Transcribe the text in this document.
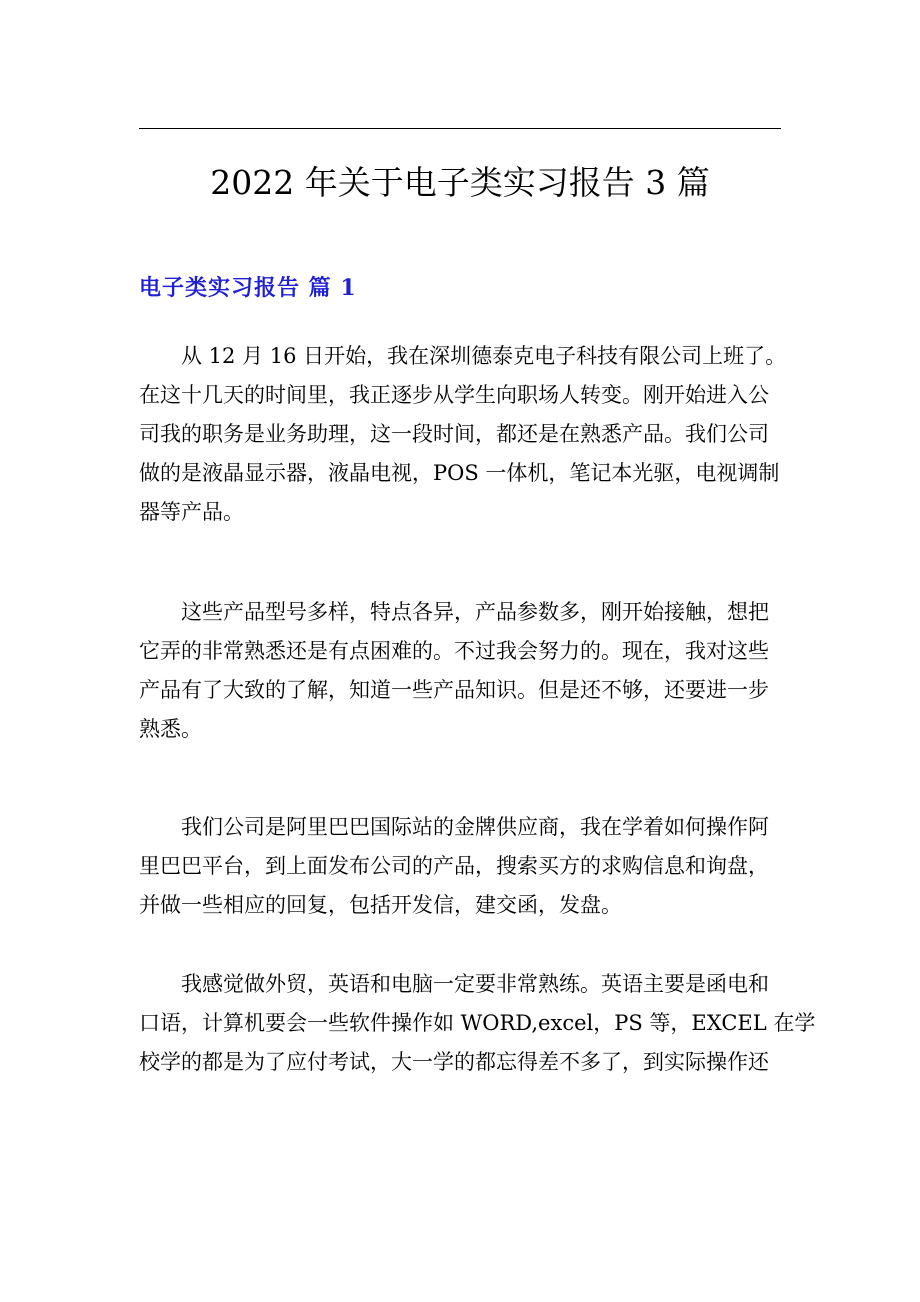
2022 年关于电子类实习报告 3 篇
电子类实习报告 篇 1
　　从 12 月 16 日开始，我在深圳德泰克电子科技有限公司上班了。
在这十几天的时间里，我正逐步从学生向职场人转变。刚开始进入公
司我的职务是业务助理，这一段时间，都还是在熟悉产品。我们公司
做的是液晶显示器，液晶电视，POS 一体机，笔记本光驱，电视调制
器等产品。
　　这些产品型号多样，特点各异，产品参数多，刚开始接触，想把
它弄的非常熟悉还是有点困难的。不过我会努力的。现在，我对这些
产品有了大致的了解，知道一些产品知识。但是还不够，还要进一步
熟悉。
　　我们公司是阿里巴巴国际站的金牌供应商，我在学着如何操作阿
里巴巴平台，到上面发布公司的产品，搜索买方的求购信息和询盘，
并做一些相应的回复，包括开发信，建交函，发盘。
　　我感觉做外贸，英语和电脑一定要非常熟练。英语主要是函电和
口语，计算机要会一些软件操作如 WORD,excel，PS 等，EXCEL 在学
校学的都是为了应付考试，大一学的都忘得差不多了，到实际操作还
